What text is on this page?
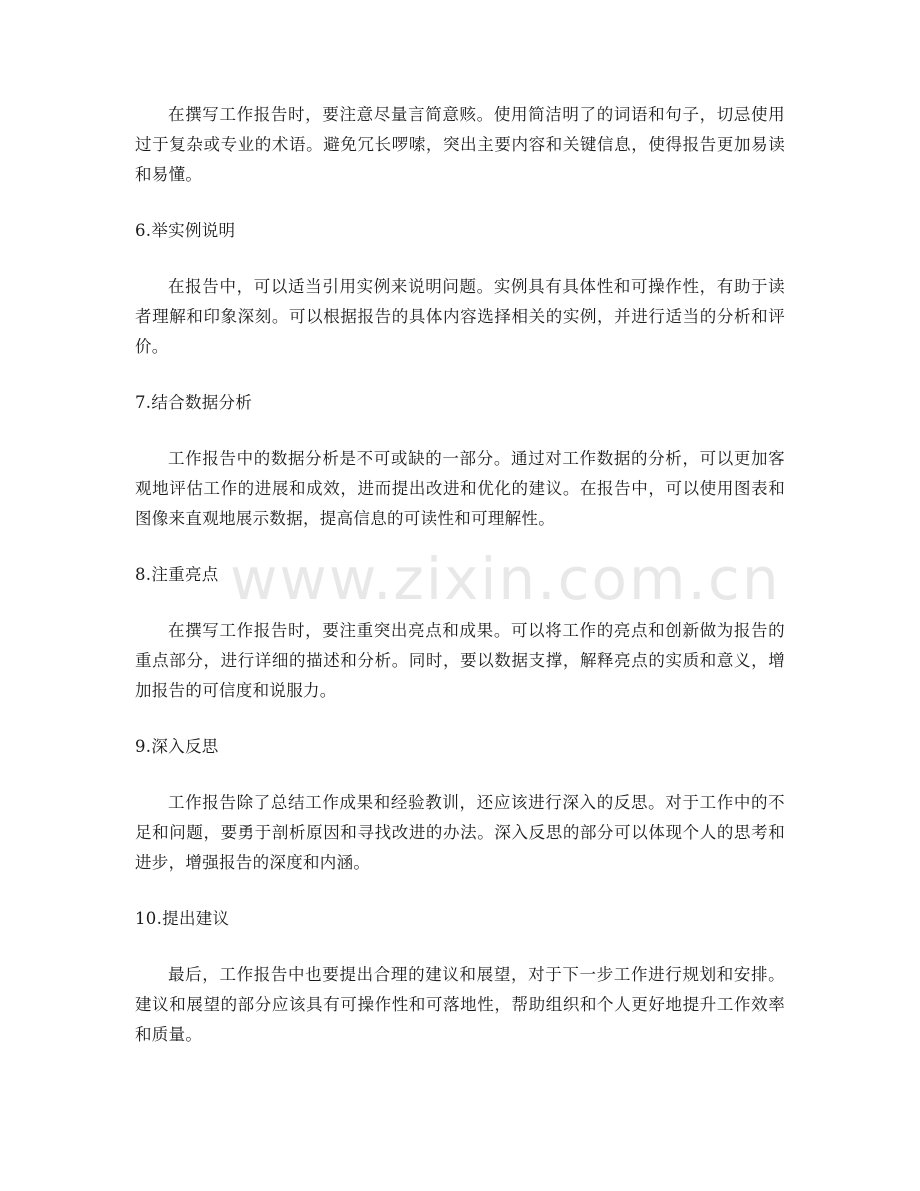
在撰写工作报告时，要注意尽量言简意赅。使用简洁明了的词语和句子，切忌使用过于复杂或专业的术语。避免冗长啰嗦，突出主要内容和关键信息，使得报告更加易读和易懂。

6.举实例说明

在报告中，可以适当引用实例来说明问题。实例具有具体性和可操作性，有助于读者理解和印象深刻。可以根据报告的具体内容选择相关的实例，并进行适当的分析和评价。

7.结合数据分析

工作报告中的数据分析是不可或缺的一部分。通过对工作数据的分析，可以更加客观地评估工作的进展和成效，进而提出改进和优化的建议。在报告中，可以使用图表和图像来直观地展示数据，提高信息的可读性和可理解性。

8.注重亮点

在撰写工作报告时，要注重突出亮点和成果。可以将工作的亮点和创新做为报告的重点部分，进行详细的描述和分析。同时，要以数据支撑，解释亮点的实质和意义，增加报告的可信度和说服力。

9.深入反思

工作报告除了总结工作成果和经验教训，还应该进行深入的反思。对于工作中的不足和问题，要勇于剖析原因和寻找改进的办法。深入反思的部分可以体现个人的思考和进步，增强报告的深度和内涵。

10.提出建议

最后，工作报告中也要提出合理的建议和展望，对于下一步工作进行规划和安排。建议和展望的部分应该具有可操作性和可落地性，帮助组织和个人更好地提升工作效率和质量。

www.zixin.com.cn
